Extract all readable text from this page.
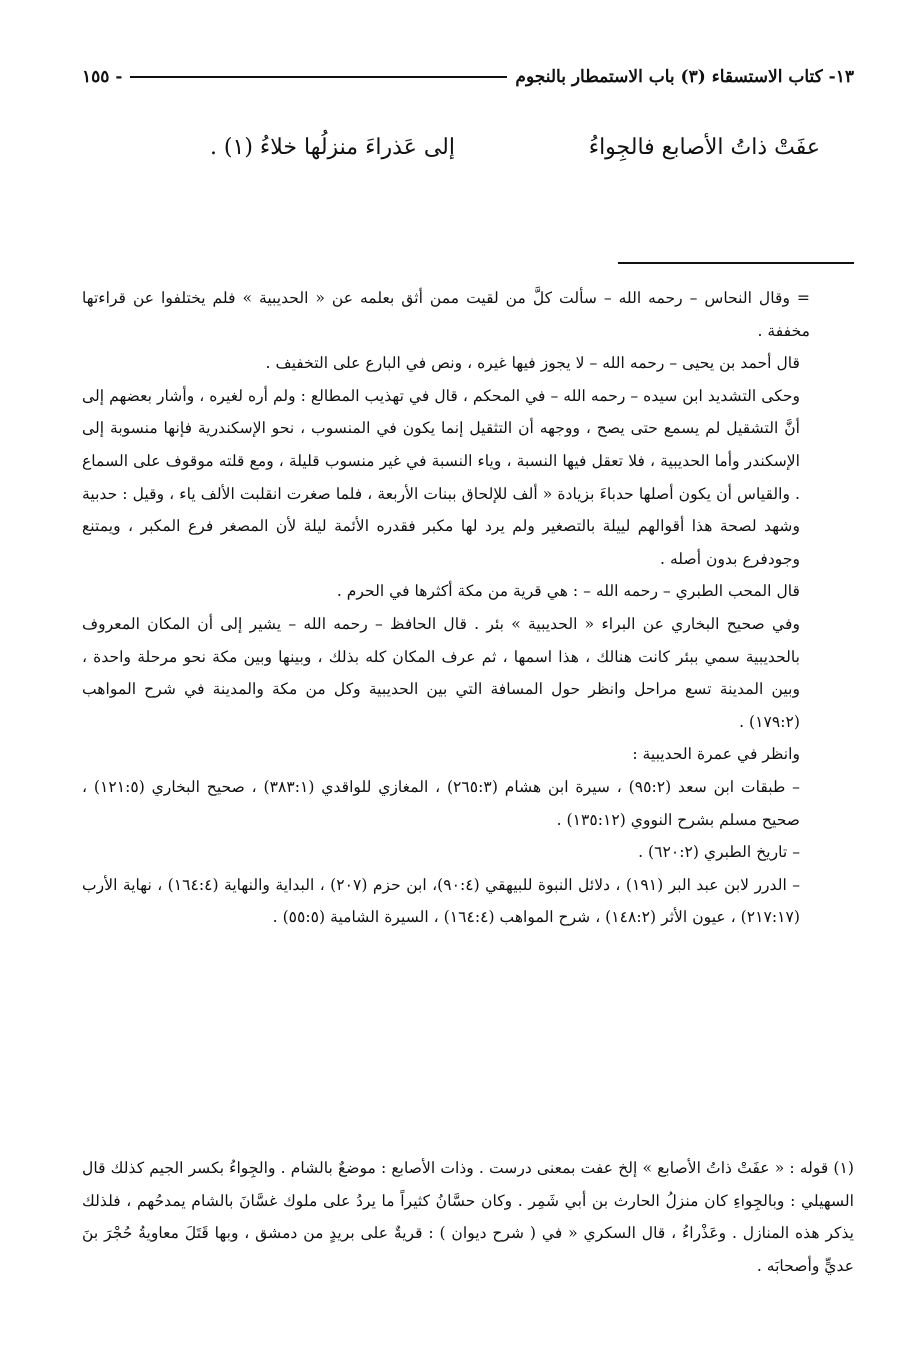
١٣- كتاب الاستسقاء (٣) باب الاستمطار بالنجوم
- ١٥٥
عفَتْ ذاتُ الأصابع فالجِواءُ
إلى عَذراءَ منزلُها خلاءُ (١) .

= وقال النحاس – رحمه الله – سألت كلَّ من لقيت ممن أثق بعلمه عن « الحديبية » فلم يختلفوا عن قراءتها مخففة .

قال أحمد بن يحيى – رحمه الله – لا يجوز فيها غيره ، ونص في البارع على التخفيف .

وحكى التشديد ابن سيده – رحمه الله – في المحكم ، قال في تهذيب المطالع : ولم أره لغيره ، وأشار بعضهم إلى أنَّ التشقيل لم يسمع حتى يصح ، ووجهه أن التثقيل إنما يكون في المنسوب ، نحو الإسكندرية فإنها منسوبة إلى الإسكندر وأما الحديبية ، فلا تعقل فيها النسبة ، وياء النسبة في غير منسوب قليلة ، ومع قلته موقوف على السماع . والقياس أن يكون أصلها حدباءَ بزيادة « ألف للإلحاق ببنات الأربعة ، فلما صغرت انقلبت الألف ياء ، وقيل : حدبية وشهد لصحة هذا أقوالهم لييلة بالتصغير ولم يرد لها مكبر فقدره الأئمة ليلة لأن المصغر فرع المكبر ، ويمتنع وجودفرع بدون أصله .

قال المحب الطبري – رحمه الله – : هي قرية من مكة أكثرها في الحرم .

وفي صحيح البخاري عن البراء « الحديبية » بئر . قال الحافظ – رحمه الله – يشير إلى أن المكان المعروف بالحديبية سمي ببئر كانت هنالك ، هذا اسمها ، ثم عرف المكان كله بذلك ، وبينها وبين مكة نحو مرحلة واحدة ، وبين المدينة تسع مراحل وانظر حول المسافة التي بين الحديبية وكل من مكة والمدينة في شرح المواهب (١٧٩:٢) .

وانظر في عمرة الحديبية :

– طبقات ابن سعد (٩٥:٢) ، سيرة ابن هشام (٢٦٥:٣) ، المغازي للواقدي (٣٨٣:١) ، صحيح البخاري (١٢١:٥) ، صحيح مسلم بشرح النووي (١٣٥:١٢) .

– تاريخ الطبري (٦٢٠:٢) .

– الدرر لابن عبد البر (١٩١) ، دلائل النبوة للبيهقي (٩٠:٤)، ابن حزم (٢٠٧) ، البداية والنهاية (١٦٤:٤) ، نهاية الأرب (٢١٧:١٧) ، عيون الأثر (١٤٨:٢) ، شرح المواهب (١٦٤:٤) ، السيرة الشامية (٥٥:٥) .

(١) قوله : « عفَتْ ذاتُ الأصابع » إلخ عفت بمعنى درست . وذات الأصابع : موضعٌ بالشام . والجِواءُ بكسر الجيم كذلك قال السهيلي : وبالجِواءِ كان منزلُ الحارث بن أبي شَمِر . وكان حسَّانُ كثيراً ما يردُ على ملوك غسَّانَ بالشام يمدحُهم ، فلذلك يذكر هذه المنازل . وعَذْراءُ ، قال السكري « في ( شرح ديوان ) : قريةٌ على بريدٍ من دمشق ، وبها قَتَلَ معاويةُ حُجْرَ بنَ عديٍّ وأصحابَه .
